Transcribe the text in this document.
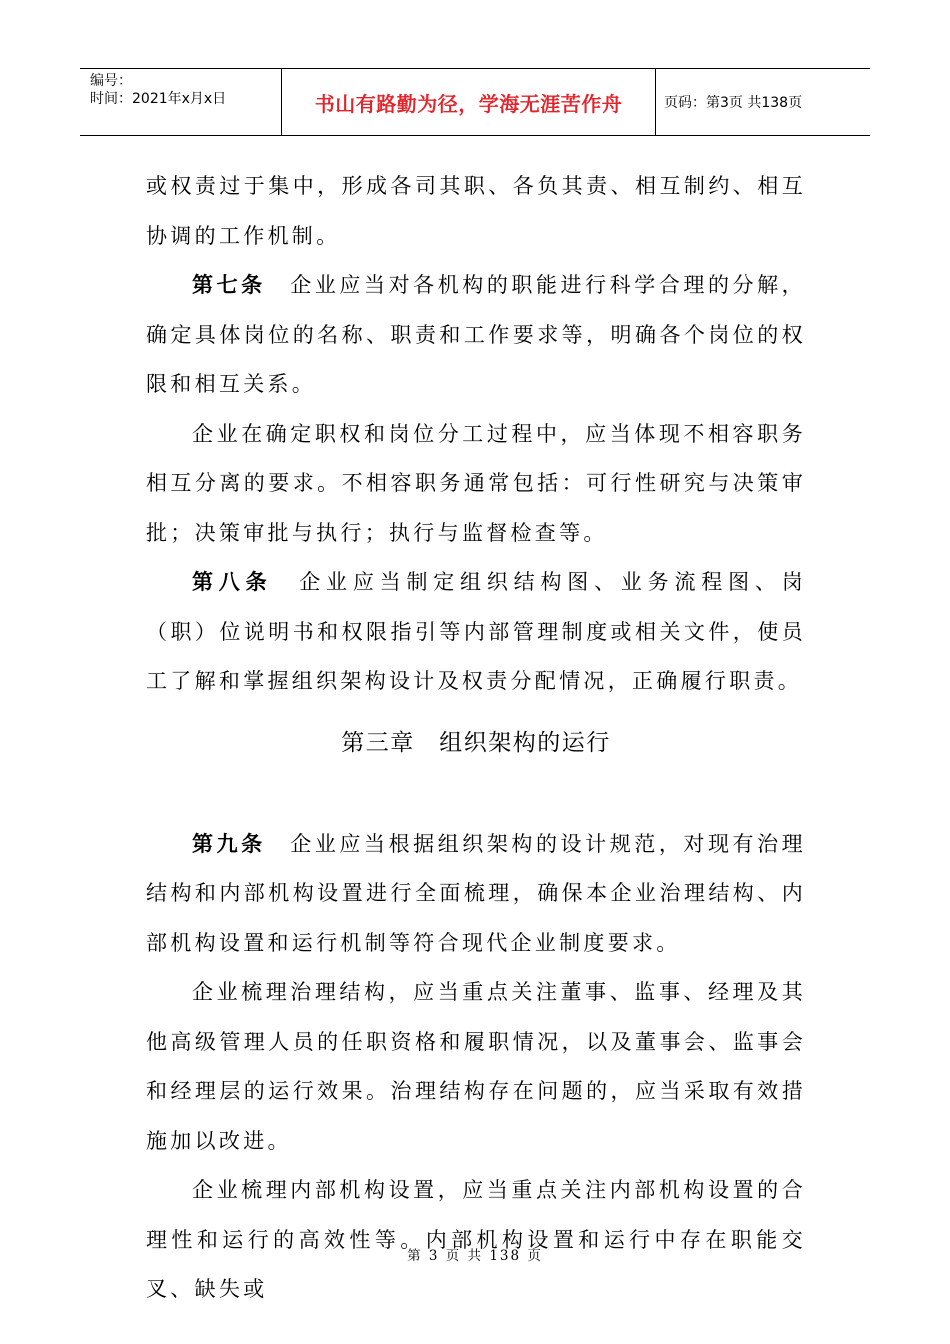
编号：
时间：2021年x月x日	书山有路勤为径，学海无涯苦作舟	页码：第3页 共138页

或权责过于集中，形成各司其职、各负其责、相互制约、相互协调的工作机制。

第七条　 企业应当对各机构的职能进行科学合理的分解，确定具体岗位的名称、职责和工作要求等，明确各个岗位的权限和相互关系。

企业在确定职权和岗位分工过程中，应当体现不相容职务相互分离的要求。不相容职务通常包括：可行性研究与决策审批；决策审批与执行；执行与监督检查等。

第八条　 企业应当制定组织结构图、业务流程图、岗（职）位说明书和权限指引等内部管理制度或相关文件，使员工了解和掌握组织架构设计及权责分配情况，正确履行职责。

第三章　组织架构的运行

第九条　 企业应当根据组织架构的设计规范，对现有治理结构和内部机构设置进行全面梳理，确保本企业治理结构、内部机构设置和运行机制等符合现代企业制度要求。

企业梳理治理结构，应当重点关注董事、监事、经理及其他高级管理人员的任职资格和履职情况，以及董事会、监事会和经理层的运行效果。治理结构存在问题的，应当采取有效措施加以改进。

企业梳理内部机构设置，应当重点关注内部机构设置的合理性和运行的高效性等。内部机构设置和运行中存在职能交叉、缺失或

第 3 页 共 138 页
